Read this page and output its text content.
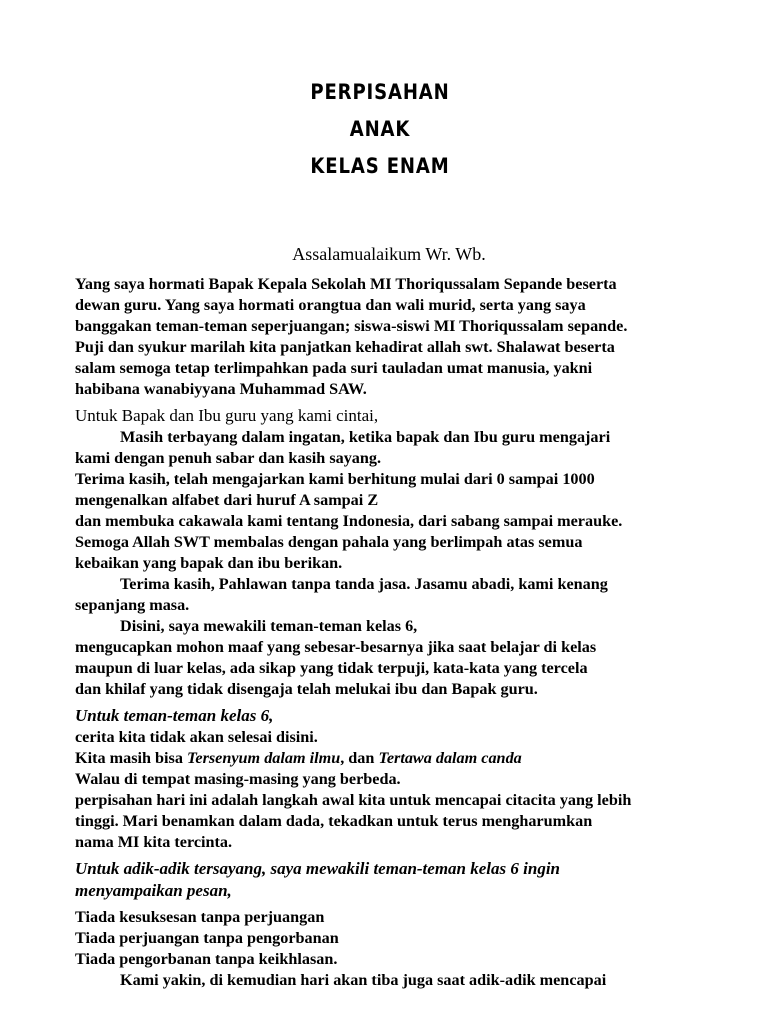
PERPISAHAN
ANAK
KELAS ENAM
Assalamualaikum Wr. Wb.
Yang saya hormati Bapak Kepala Sekolah MI Thoriqussalam Sepande beserta
dewan guru. Yang saya hormati orangtua dan wali murid, serta yang saya
banggakan teman-teman seperjuangan; siswa-siswi MI Thoriqussalam sepande.
Puji dan syukur marilah kita panjatkan kehadirat allah swt. Shalawat beserta
salam semoga tetap terlimpahkan pada suri tauladan umat manusia, yakni
habibana wanabiyyana Muhammad SAW.
Untuk Bapak dan Ibu guru yang kami cintai,
Masih terbayang dalam ingatan, ketika bapak dan Ibu guru mengajari
kami dengan penuh sabar dan kasih sayang.
Terima kasih, telah mengajarkan kami berhitung mulai dari 0 sampai 1000
mengenalkan alfabet dari huruf A sampai Z
dan membuka cakawala kami tentang Indonesia, dari sabang sampai merauke.
Semoga Allah SWT membalas dengan pahala yang berlimpah atas semua
kebaikan yang bapak dan ibu berikan.
Terima kasih, Pahlawan tanpa tanda jasa. Jasamu abadi, kami kenang
sepanjang masa.
Disini, saya mewakili teman-teman kelas 6,
mengucapkan mohon maaf yang sebesar-besarnya jika saat belajar di kelas
maupun di luar kelas, ada sikap yang tidak terpuji, kata-kata yang tercela
dan khilaf yang tidak disengaja telah melukai ibu dan Bapak guru.
Untuk teman-teman kelas 6,
cerita kita tidak akan selesai disini.
Kita masih bisa Tersenyum dalam ilmu, dan Tertawa dalam canda
Walau di tempat masing-masing yang berbeda.
perpisahan hari ini adalah langkah awal kita untuk mencapai citacita yang lebih
tinggi. Mari benamkan dalam dada, tekadkan untuk terus mengharumkan
nama MI kita tercinta.
Untuk adik-adik tersayang, saya mewakili teman-teman kelas 6 ingin
menyampaikan pesan,
Tiada kesuksesan tanpa perjuangan
Tiada perjuangan tanpa pengorbanan
Tiada pengorbanan tanpa keikhlasan.
Kami yakin, di kemudian hari akan tiba juga saat adik-adik mencapai
